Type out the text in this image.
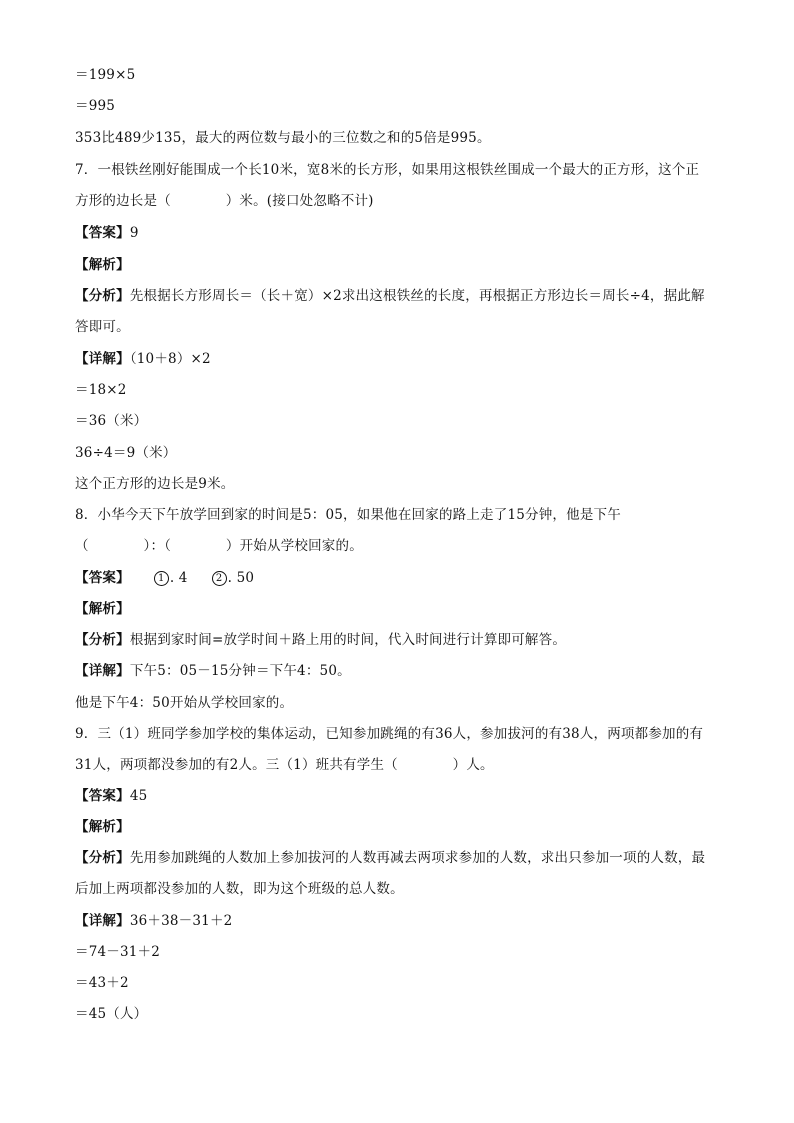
＝199×5
＝995
353比489少135，最大的两位数与最小的三位数之和的5倍是995。
7．一根铁丝刚好能围成一个长10米，宽8米的长方形，如果用这根铁丝围成一个最大的正方形，这个正
方形的边长是（　　　　）米。(接口处忽略不计)
【答案】9
【解析】
【分析】先根据长方形周长＝（长＋宽）×2求出这根铁丝的长度，再根据正方形边长＝周长÷4，据此解
答即可。
【详解】（10＋8）×2
＝18×2
＝36（米）
36÷4＝9（米）
这个正方形的边长是9米。
8．小华今天下午放学回到家的时间是5：05，如果他在回家的路上走了15分钟，他是下午
（　　　　）：（　　　　）开始从学校回家的。
【答案】	1 . 4	2 . 50
【解析】
【分析】根据到家时间=放学时间＋路上用的时间，代入时间进行计算即可解答。
【详解】下午5：05－15分钟＝下午4：50。
他是下午4：50开始从学校回家的。
9．三（1）班同学参加学校的集体运动，已知参加跳绳的有36人，参加拔河的有38人，两项都参加的有
31人，两项都没参加的有2人。三（1）班共有学生（　　　　）人。
【答案】45
【解析】
【分析】先用参加跳绳的人数加上参加拔河的人数再减去两项求参加的人数，求出只参加一项的人数，最
后加上两项都没参加的人数，即为这个班级的总人数。
【详解】36＋38－31＋2
＝74－31＋2
＝43＋2
＝45（人）
